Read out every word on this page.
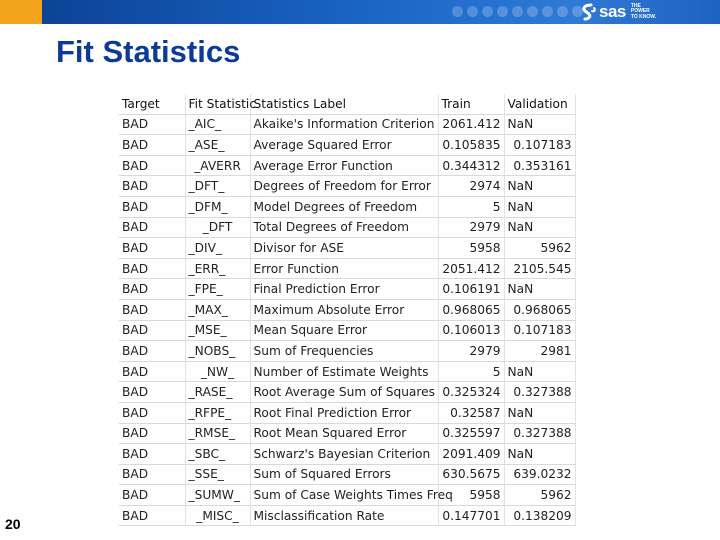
sas THE
POWER
TO KNOW.
Fit Statistics
Target	Fit Statistic	Statistics Label	Train	Validation
BAD	_AIC_	Akaike's Information Criterion	2061.412	NaN
BAD	_ASE_	Average Squared Error	0.105835	0.107183
BAD	_AVERR	Average Error Function	0.344312	0.353161
BAD	_DFT_	Degrees of Freedom for Error	2974	NaN
BAD	_DFM_	Model Degrees of Freedom	5	NaN
BAD	_DFT	Total Degrees of Freedom	2979	NaN
BAD	_DIV_	Divisor for ASE	5958	5962
BAD	_ERR_	Error Function	2051.412	2105.545
BAD	_FPE_	Final Prediction Error	0.106191	NaN
BAD	_MAX_	Maximum Absolute Error	0.968065	0.968065
BAD	_MSE_	Mean Square Error	0.106013	0.107183
BAD	_NOBS_	Sum of Frequencies	2979	2981
BAD	_NW_	Number of Estimate Weights	5	NaN
BAD	_RASE_	Root Average Sum of Squares	0.325324	0.327388
BAD	_RFPE_	Root Final Prediction Error	0.32587	NaN
BAD	_RMSE_	Root Mean Squared Error	0.325597	0.327388
BAD	_SBC_	Schwarz's Bayesian Criterion	2091.409	NaN
BAD	_SSE_	Sum of Squared Errors	630.5675	639.0232
BAD	_SUMW_	Sum of Case Weights Times Freq	5958	5962
BAD	_MISC_	Misclassification Rate	0.147701	0.138209
20
